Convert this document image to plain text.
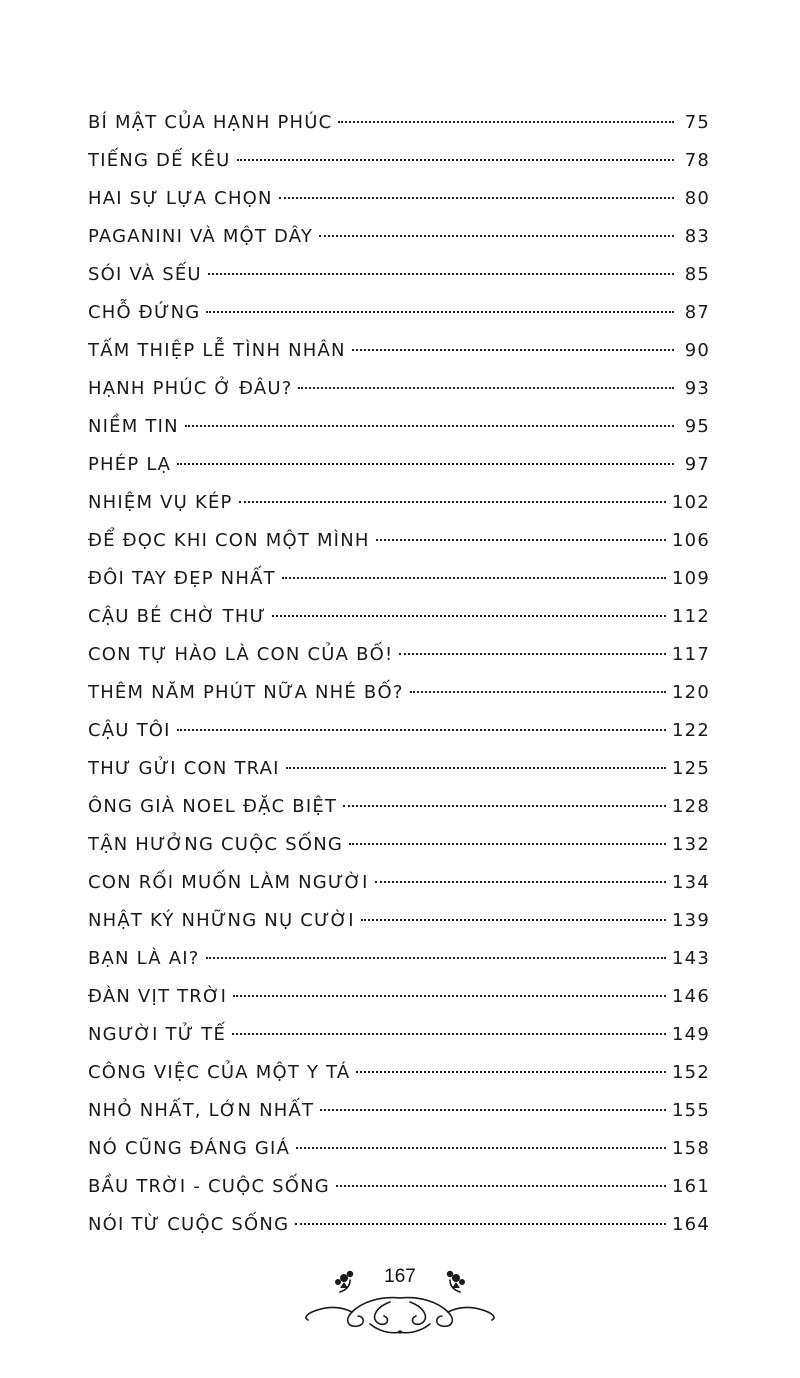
BÍ MẬT CỦA HẠNH PHÚC	75
TIẾNG DẾ KÊU	78
HAI SỰ LỰA CHỌN	80
PAGANINI VÀ MỘT DÂY	83
SÓI VÀ SẾU	85
CHỖ ĐỨNG	87
TẤM THIỆP LỄ TÌNH NHÂN	90
HẠNH PHÚC Ở ĐÂU?	93
NIỀM TIN	95
PHÉP LẠ	97
NHIỆM VỤ KÉP	102
ĐỂ ĐỌC KHI CON MỘT MÌNH	106
ĐÔI TAY ĐẸP NHẤT	109
CẬU BÉ CHỜ THƯ	112
CON TỰ HÀO LÀ CON CỦA BỐ!	117
THÊM NĂM PHÚT NỮA NHÉ BỐ?	120
CẬU TÔI	122
THƯ GỬI CON TRAI	125
ÔNG GIÀ NOEL ĐẶC BIỆT	128
TẬN HƯỞNG CUỘC SỐNG	132
CON RỐI MUỐN LÀM NGƯỜI	134
NHẬT KÝ NHỮNG NỤ CƯỜI	139
BẠN LÀ AI?	143
ĐÀN VỊT TRỜI	146
NGƯỜI TỬ TẾ	149
CÔNG VIỆC CỦA MỘT Y TÁ	152
NHỎ NHẤT, LỚN NHẤT	155
NÓ CŨNG ĐÁNG GIÁ	158
BẦU TRỜI - CUỘC SỐNG	161
NÓI TỪ CUỘC SỐNG	164
167
